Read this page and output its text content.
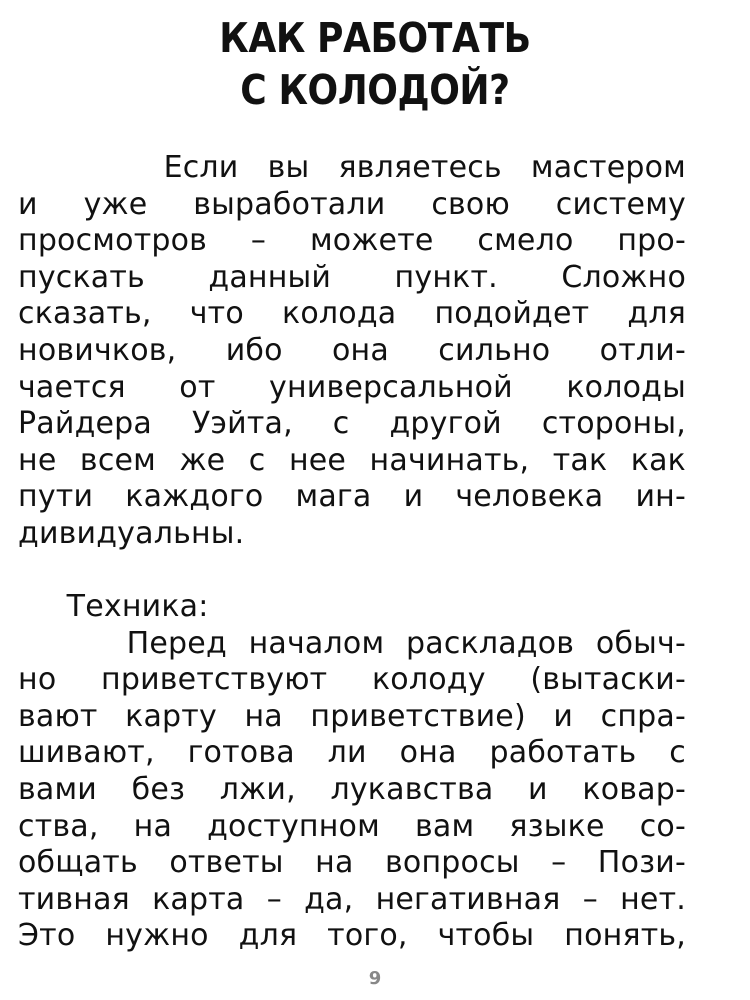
КАК РАБОТАТЬ
С КОЛОДОЙ?
Если вы являетесь мастером
и уже выработали свою систему
просмотров – можете смело про-
пускать данный пункт. Сложно
сказать, что колода подойдет для
новичков, ибо она сильно отли-
чается от универсальной колоды
Райдера Уэйта, с другой стороны,
не всем же с нее начинать, так как
пути каждого мага и человека ин-
дивидуальны.
Техника:
Перед началом раскладов обыч-
но приветствуют колоду (вытаски-
вают карту на приветствие) и спра-
шивают, готова ли она работать с
вами без лжи, лукавства и ковар-
ства, на доступном вам языке со-
общать ответы на вопросы – Пози-
тивная карта – да, негативная – нет.
Это нужно для того, чтобы понять,
9
